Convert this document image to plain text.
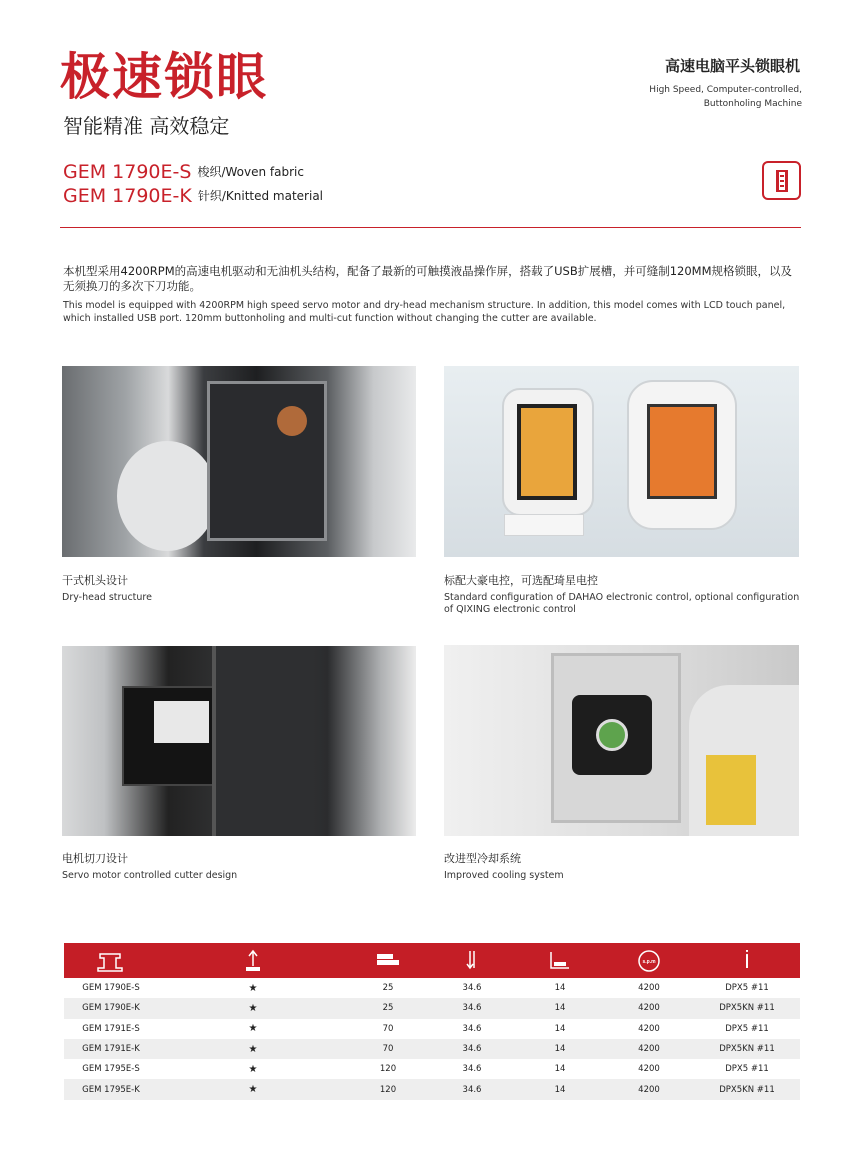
极速锁眼
智能精准 高效稳定
高速电脑平头锁眼机
High Speed, Computer-controlled,
Buttonholing Machine
GEM 1790E-S 梭织/Woven fabric
GEM 1790E-K 针织/Knitted material

本机型采用4200RPM的高速电机驱动和无油机头结构，配备了最新的可触摸液晶操作屏，搭载了USB扩展槽，并可缝制120MM规格锁眼，以及无须换刀的多次下刀功能。

This model is equipped with 4200RPM high speed servo motor and dry-head mechanism structure. In addition, this model comes with LCD touch panel, which installed USB port. 120mm buttonholing and multi-cut function without changing the cutter are available.

干式机头设计
Dry-head structure
标配大豪电控，可选配琦星电控
Standard configuration of DAHAO electronic control, optional configuration of QIXING electronic control
电机切刀设计
Servo motor controlled cutter design
改进型冷却系统
Improved cooling system

s.p.m

GEM 1790E-S	★	25	34.6	14	4200	DPX5 #11
GEM 1790E-K	★	25	34.6	14	4200	DPX5KN #11
GEM 1791E-S	★	70	34.6	14	4200	DPX5 #11
GEM 1791E-K	★	70	34.6	14	4200	DPX5KN #11
GEM 1795E-S	★	120	34.6	14	4200	DPX5 #11
GEM 1795E-K	★	120	34.6	14	4200	DPX5KN #11
